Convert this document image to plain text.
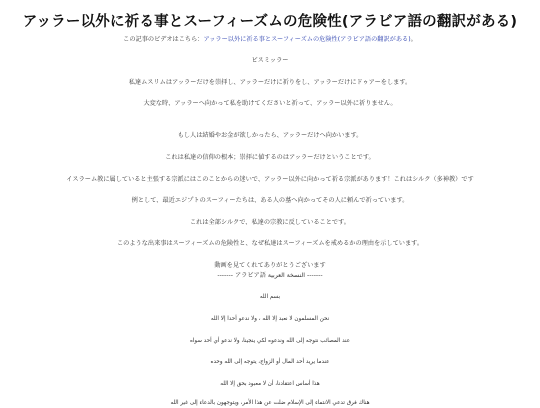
アッラー以外に祈る事とスーフィーズムの危険性(アラビア語の翻訳がある)

この記事のビデオはこちら：アッラー以外に祈る事とスーフィーズムの危険性(アラビア語の翻訳がある)。

ビスミッラー

私達ムスリムはアッラーだけを崇拝し、アッラーだけに祈りをし、アッラーだけにドゥアーをします。

大変な時、アッラーへ向かって私を助けてくださいと祈って、アッラー以外に祈りません。

もし人は結婚やお金が欲しかったら、アッラーだけへ向かいます。

これは私達の信仰の根本；崇拝に値するのはアッラーだけということです。

イスラーム教に属していると主張する宗派にはこのことからの迷いで、アッラー以外に向かって祈る宗派があります！これはシルク（多神教）です

例として、最近エジプトのスーフィーたちは、ある人の墓へ向かってその人に頼んで祈っています。

これは全部シルクで、私達の宗教に反していることです。

このような出来事はスーフィーズムの危険性と、なぜ私達はスーフィーズムを戒めるかの理由を示しています。

動画を見てくれてありがとうございます

------- アラビア語 النسخة العربية -------

بسم الله

نحن المسلمون لا نعبد إلا الله ، ولا ندعو أحدا إلا الله

عند المصائب نتوجه إلى الله وندعوه لكي ينجينا، ولا ندعو أي أحد سواه

عندما يريد أحد المال أو الزواج، يتوجه إلى الله وحده

هذا أساس اعتقادنا، أن لا معبود بحق إلا الله

هناك فرق تدعي الانتماء إلى الإسلام ضلت عن هذا الأمر، ويتوجهون بالدعاء إلى غير الله
